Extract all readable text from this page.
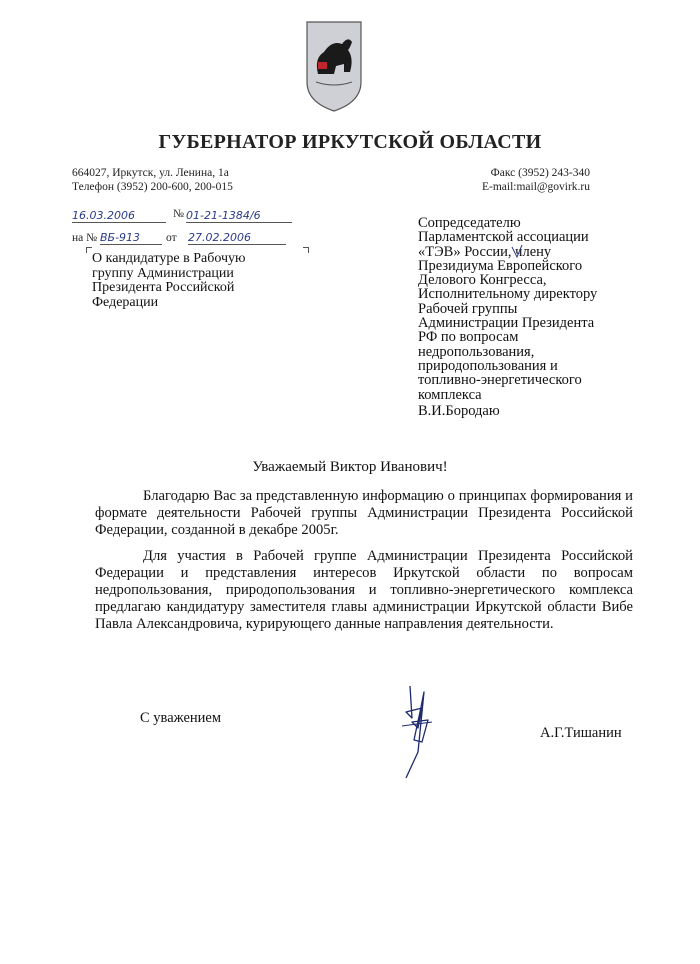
ГУБЕРНАТОР ИРКУТСКОЙ ОБЛАСТИ
664027, Иркутск, ул. Ленина, 1а
Телефон (3952) 200-600, 200-015
Факс (3952) 243-340
E-mail:mail@govirk.ru
16.03.2006	№ 01-21-1384/6
на № ВБ-913	от 27.02.2006
О кандидатуре в Рабочую
группу Администрации
Президента Российской
Федерации
Сопредседателю
Парламентской ассоциации
«ТЭВ» России, члену
Президиума Европейского
Делового Конгресса,
Исполнительному директору
Рабочей группы
Администрации Президента
РФ по вопросам
недропользования,
природопользования и
топливно-энергетического
комплекса
В.И.Бородаю
Уважаемый Виктор Иванович!

Благодарю Вас за представленную информацию о принципах формирования и формате деятельности Рабочей группы Администрации Президента Российской Федерации, созданной в декабре 2005г.

Для участия в Рабочей группе Администрации Президента Российской Федерации и представления интересов Иркутской области по вопросам недропользования, природопользования и топливно-энергетического комплекса предлагаю кандидатуру заместителя главы администрации Иркутской области Вибе Павла Александровича, курирующего данные направления деятельности.

С уважением
А.Г.Тишанин
